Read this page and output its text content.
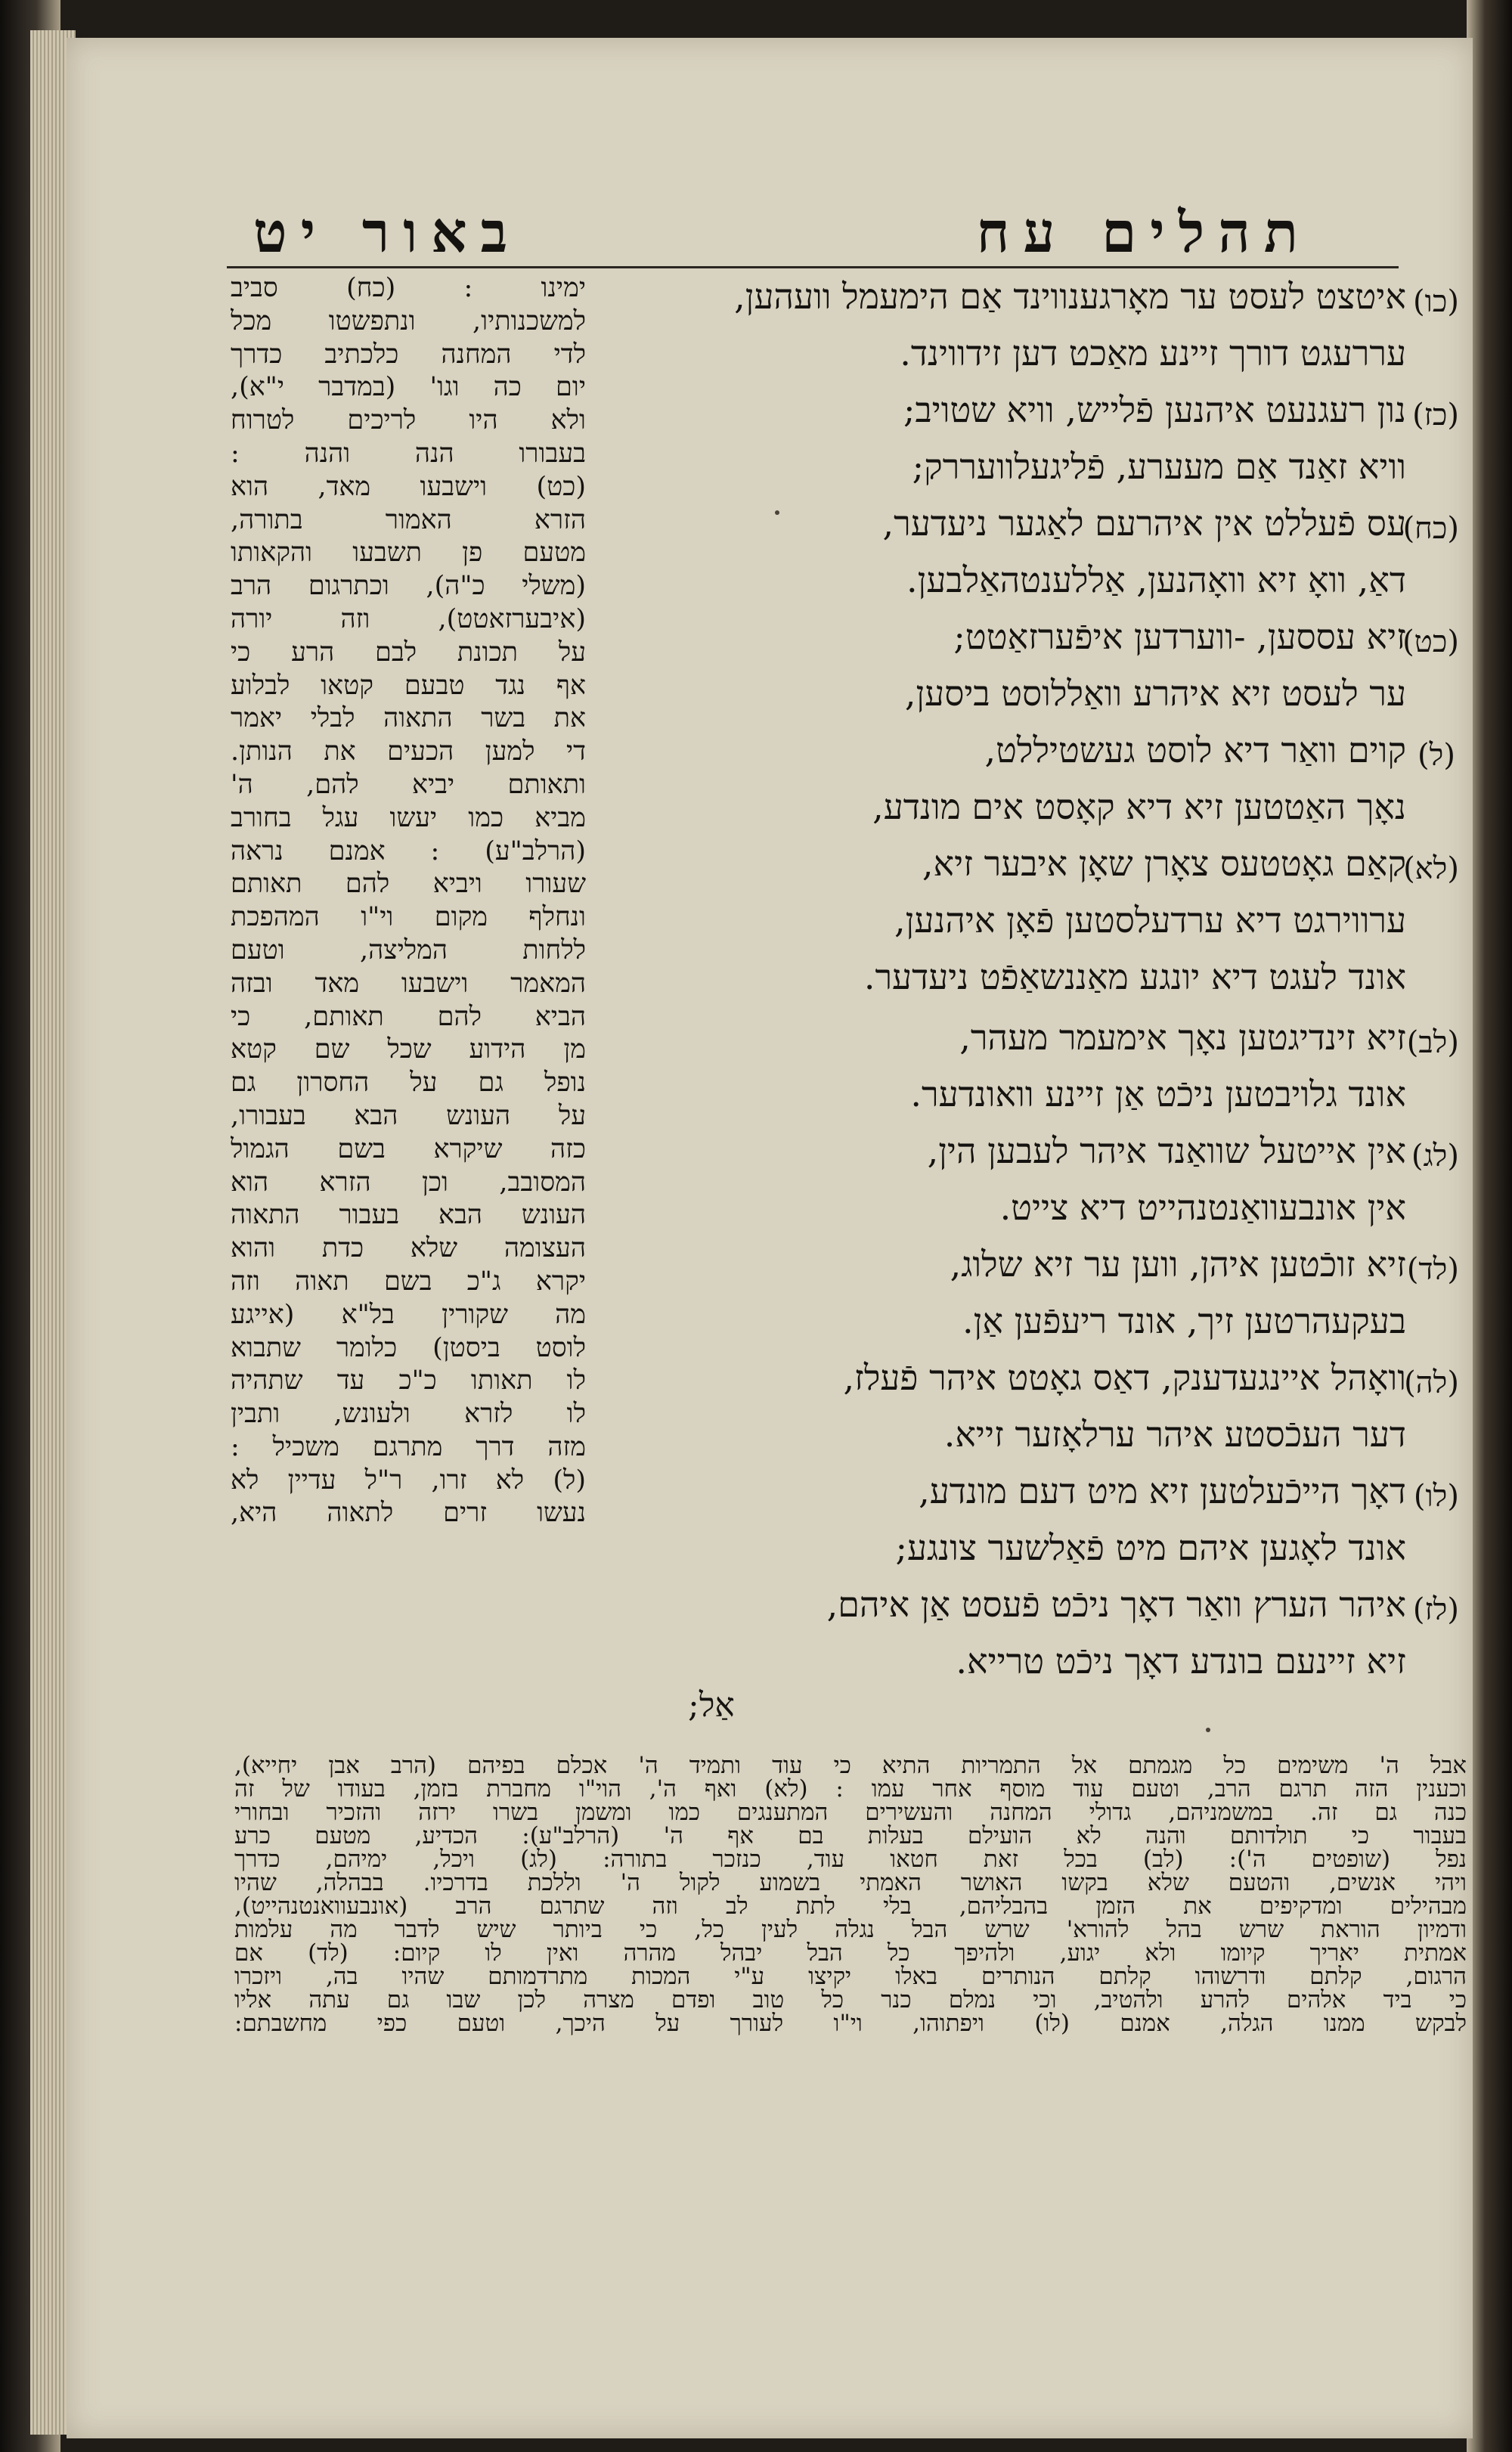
תהלים עח
באור יט
(כו)
איטצט לעסט ער מאָרגענווינד אַם הימעמל וועהען,
עררעגט דורך זיינע מאַכט דען זידווינד.
(כז)
נון רעגנעט איהנען פֿלייש, וויא שטויב;
וויא זאַנד אַם מעערע, פֿליגעלוועררק;
(כח)
עס פֿעללט אין איהרעם לאַגער ניעדער,
דאַ, וואָ זיא וואָהנען, אַללענטהאַלבען.
(כט)
זיא עססען, -ווערדען איפֿערזאַטט;
ער לעסט זיא איהרע וואַללוסט ביסען,
(ל)
קוים וואַר דיא לוסט געשטיללט,
נאָך האַטטען זיא דיא קאָסט אים מונדע,
(לא)
קאַם גאָטטעס צאָרן שאָן איבער זיא,
ערווירגט דיא ערדעלסטען פֿאָן איהנען,
אונד לעגט דיא יונגע מאַננשאַפֿט ניעדער.
(לב)
זיא זינדיגטען נאָך אימעמר מעהר,
אונד גלויבטען ניכֿט אַן זיינע וואונדער.
(לג)
אין אייטעל שוואַנד איהר לעבען הין,
אין אונבעוואַנטנהייט דיא צייט.
(לד)
זיא זוכֿטען איהן, ווען ער זיא שלוג,
בעקעהרטען זיך, אונד ריעפֿען אַן.
(לה)
וואָהל איינגעדענק, דאַס גאָטט איהר פֿעלז,
דער העכֿסטע איהר ערלאָזער זייא.
(לו)
דאָך הייכֿעלטען זיא מיט דעם מונדע,
אונד לאָגען איהם מיט פֿאַלשער צונגע;
(לז)
איהר הערץ וואַר דאָך ניכֿט פֿעסט אַן איהם,
זיא זיינעם בונדע דאָך ניכֿט טרייא.
ימינו : (כח) סביב
למשכנותיו, ונתפשטו מכל
לדי המחנה כלכתיב כדרך
יום כה וגו' (במדבר י"א),
ולא היו לריכים לטרוח
בעבורו הנה והנה :
(כט) וישבעו מאד, הוא
הזרא האמור בתורה,
מטעם פן תשבעו והקאותו
(משלי כ"ה), וכתרגום הרב
(איבערזאטט), וזה יורה
על תכונת לבם הרע כי
אף נגד טבעם קטאו לבלוע
את בשר התאוה לבלי יאמר
די למען הכעים את הנותן.
ותאותם יביא להם, ה'
מביא כמו יעשו עגל בחורב
(הרלב"ע) : אמנם נראה
שעורו ויביא להם תאותם
ונחלף מקום וי"ו המהפכת
ללחות המליצה, וטעם
המאמר וישבעו מאד ובזה
הביא להם תאותם, כי
מן הידוע שכל שם קטא
נופל גם על החסרון גם
על העונש הבא בעבורו,
כזה שיקרא בשם הגמול
המסובב, וכן הזרא הוא
העונש הבא בעבור התאוה
העצומה שלא כדת והוא
יקרא ג"כ בשם תאוה וזה
מה שקורין בל"א (אייגע
לוסט ביסטן) כלומר שתבוא
לו תאותו כ"כ עד שתהיה
לו לזרא ולעונש, ותבין
מזה דרך מתרגם משכיל :
(ל) לא זרו, ר"ל עדיין לא
נעשו זרים לתאוה היא,
אַל;
אבל ה' משימים כל מגמתם אל התמריות התיא כי עוד ותמיד ה' אכלם בפיהם (הרב אבן יחייא),
וכענין הזה תרגם הרב, וטעם עוד מוסף אחר עמו : (לא) ואף ה', הוי"ו מחברת בזמן, בעודו של זה
כנה גם זה. במשמניהם, גדולי המחנה והעשירים המתענגים כמו ומשמן בשרו ירזה והזכיר ובחורי
בעבור כי תולדותם והנה לא הועילם בעלות בם אף ה' (הרלב"ע): הכדיע, מטעם כרע
נפל (שופטים ה'): (לב) בכל זאת חטאו עוד, כנזכר בתורה: (לג) ויכל, ימיהם, כדרך
ויהי אנשים, והטעם שלא בקשו האושר האמתי בשמוע לקול ה' וללכת בדרכיו. בבהלה, שהיו
מבהילים ומדקיפים את הזמן בהבליהם, בלי לתת לב וזה שתרגם הרב (אונבעוואנטנהייט),
ודמיון הוראת שרש בהל להורא' שרש הבל נגלה לעין כל, כי ביותר שיש לדבר מה עלמות
אמתית יאריך קיומו ולא יגוע, ולהיפך כל הבל יבהל מהרה ואין לו קיום: (לד) אם
הרגום, קלתם ודרשוהו קלתם הנותרים באלו יקיצו ע"י המכות מתרדמותם שהיו בה, ויזכרו
כי ביד אלהים להרע ולהטיב, וכי נמלם כנר כל טוב ופדם מצרה לכן שבו גם עתה אליו
לבקש ממנו הגלה, אמנם (לו) ויפתוהו, וי"ו לעורך על היכך, וטעם כפי מחשבתם:
